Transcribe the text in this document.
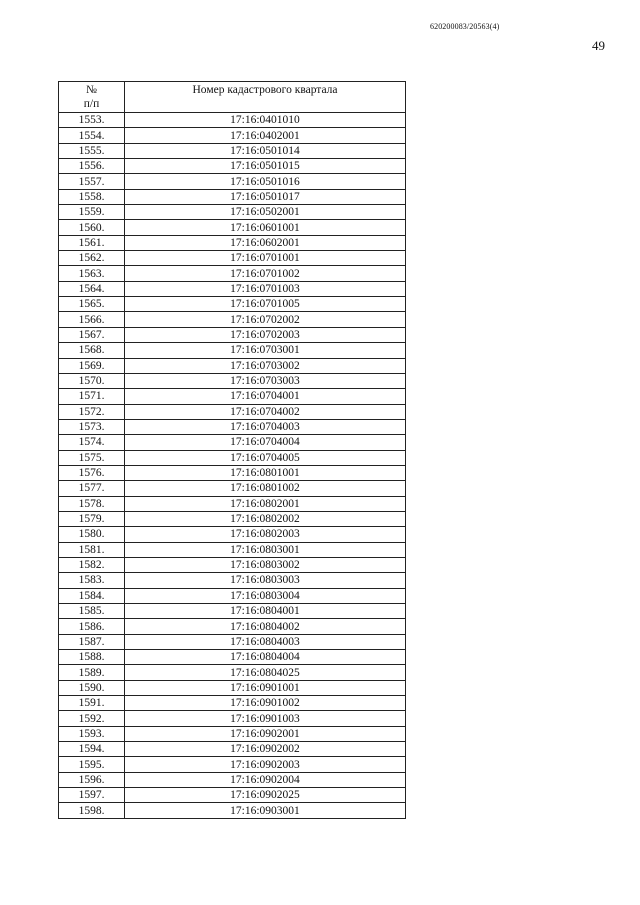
620200083/20563(4)
49
№
п/п	Номер кадастрового квартала
1553.	17:16:0401010
1554.	17:16:0402001
1555.	17:16:0501014
1556.	17:16:0501015
1557.	17:16:0501016
1558.	17:16:0501017
1559.	17:16:0502001
1560.	17:16:0601001
1561.	17:16:0602001
1562.	17:16:0701001
1563.	17:16:0701002
1564.	17:16:0701003
1565.	17:16:0701005
1566.	17:16:0702002
1567.	17:16:0702003
1568.	17:16:0703001
1569.	17:16:0703002
1570.	17:16:0703003
1571.	17:16:0704001
1572.	17:16:0704002
1573.	17:16:0704003
1574.	17:16:0704004
1575.	17:16:0704005
1576.	17:16:0801001
1577.	17:16:0801002
1578.	17:16:0802001
1579.	17:16:0802002
1580.	17:16:0802003
1581.	17:16:0803001
1582.	17:16:0803002
1583.	17:16:0803003
1584.	17:16:0803004
1585.	17:16:0804001
1586.	17:16:0804002
1587.	17:16:0804003
1588.	17:16:0804004
1589.	17:16:0804025
1590.	17:16:0901001
1591.	17:16:0901002
1592.	17:16:0901003
1593.	17:16:0902001
1594.	17:16:0902002
1595.	17:16:0902003
1596.	17:16:0902004
1597.	17:16:0902025
1598.	17:16:0903001
